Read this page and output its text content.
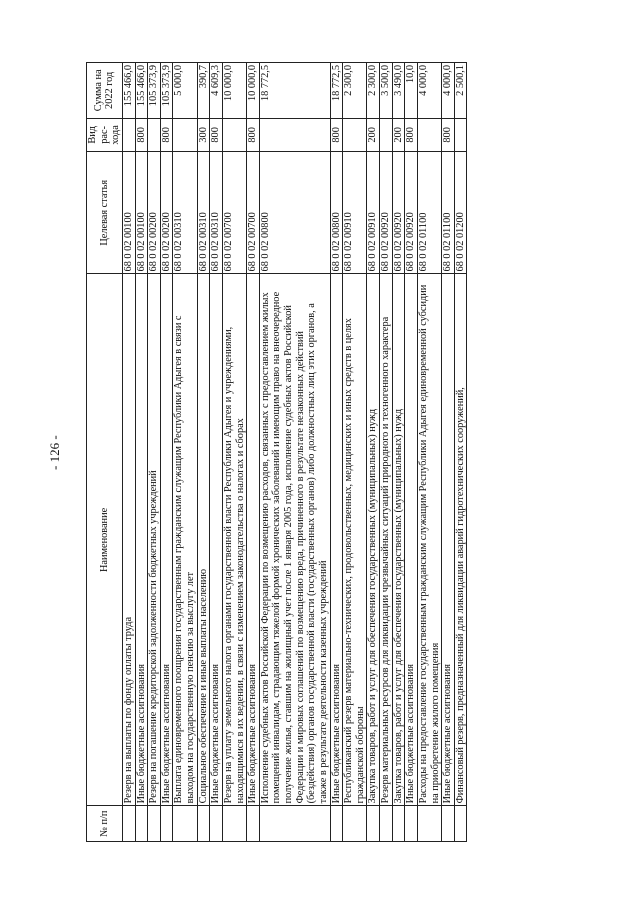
- 126 -
№ п/п	Наименование	Целевая статья	Вид рас- хода	Сумма на 2022 год
	Резерв на выплаты по фонду оплаты труда	68 0 02 00100		155 466,0
	Иные бюджетные ассигнования	68 0 02 00100	800	155 466,0
	Резерв на погашение кредиторской задолженности бюджетных учреждений	68 0 02 00200		105 373,9
	Иные бюджетные ассигнования	68 0 02 00200	800	105 373,9
	Выплата единовременного поощрения государственным гражданским служащим Республики Адыгея в связи с выходом на государственную пенсию за выслугу лет	68 0 02 00310		5 000,0
	Социальное обеспечение и иные выплаты населению	68 0 02 00310	300	390,7
	Иные бюджетные ассигнования	68 0 02 00310	800	4 609,3
	Резерв на уплату земельного налога органами государственной власти Республики Адыгея и учреждениями, находящимися в их ведении, в связи с изменением законодательства о налогах и сборах	68 0 02 00700		10 000,0
	Иные бюджетные ассигнования	68 0 02 00700	800	10 000,0
	Исполнение судебных актов Российской Федерации по возмещению расходов, связанных с предоставлением жилых помещений инвалидам, страдающим тяжелой формой хронических заболеваний и имеющим право на внеочередное получение жилья, ставшим на жилищный учет после 1 января 2005 года, исполнение судебных актов Российской Федерации и мировых соглашений по возмещению вреда, причиненного в результате незаконных действий (бездействия) органов государственной власти (государственных органов) либо должностных лиц этих органов, а также в результате деятельности казенных учреждений	68 0 02 00800		18 772,5
	Иные бюджетные ассигнования	68 0 02 00800	800	18 772,5
	Республиканский резерв материально-технических, продовольственных, медицинских и иных средств в целях гражданской обороны	68 0 02 00910		2 300,0
	Закупка товаров, работ и услуг для обеспечения государственных (муниципальных) нужд	68 0 02 00910	200	2 300,0
	Резерв материальных ресурсов для ликвидации чрезвычайных ситуаций природного и техногенного характера	68 0 02 00920		3 500,0
	Закупка товаров, работ и услуг для обеспечения государственных (муниципальных) нужд	68 0 02 00920	200	3 490,0
	Иные бюджетные ассигнования	68 0 02 00920	800	10,0
	Расходы на предоставление государственным гражданским служащим Республики Адыгея единовременной субсидии на приобретение жилого помещения	68 0 02 01100		4 000,0
	Иные бюджетные ассигнования	68 0 02 01100	800	4 000,0
	Финансовый резерв, предназначенный для ликвидации аварий гидротехнических сооружений,	68 0 02 01200		2 500,1
